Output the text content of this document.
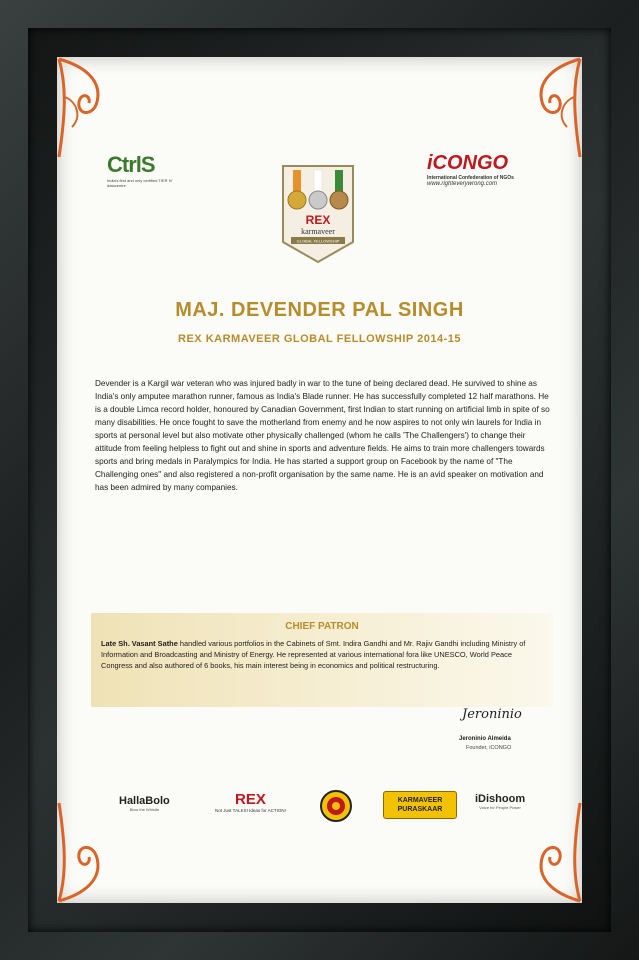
CtrlS
India's first and only certified TIER IV datacentre
iCONGO
International Confederation of NGOs
www.righteverywrong.com
REX
karmaveer
GLOBAL FELLOWSHIP
MAJ. DEVENDER PAL SINGH
REX KARMAVEER GLOBAL FELLOWSHIP 2014-15
Devender is a Kargil war veteran who was injured badly in war to the tune of being declared dead. He survived to shine as India's only amputee marathon runner, famous as India's Blade runner. He has successfully completed 12 half marathons. He is a double Limca record holder, honoured by Canadian Government, first Indian to start running on artificial limb in spite of so many disabilities. He once fought to save the motherland from enemy and he now aspires to not only win laurels for India in sports at personal level but also motivate other physically challenged (whom he calls 'The Challengers') to change their attitude from feeling helpless to fight out and shine in sports and adventure fields. He aims to train more challengers towards sports and bring medals in Paralympics for India. He has started a support group on Facebook by the name of "The Challenging ones" and also registered a non-profit organisation by the same name. He is an avid speaker on motivation and has been admired by many companies.
CHIEF PATRON
Late Sh. Vasant Sathe handled various portfolios in the Cabinets of Smt. Indira Gandhi and Mr. Rajiv Gandhi including Ministry of Information and Broadcasting and Ministry of Energy. He represented at various international fora like UNESCO, World Peace Congress and also authored of 6 books, his main interest being in economics and political restructuring.
Jeroninio
Jeroninio Almeida
Founder, iCONGO
HallaBolo
Blow the Whistle
REX
Not Just TALKS! Ideas for ACTION!
KARMAVEER
PURASKAAR
iDishoom
Voice for People Power
